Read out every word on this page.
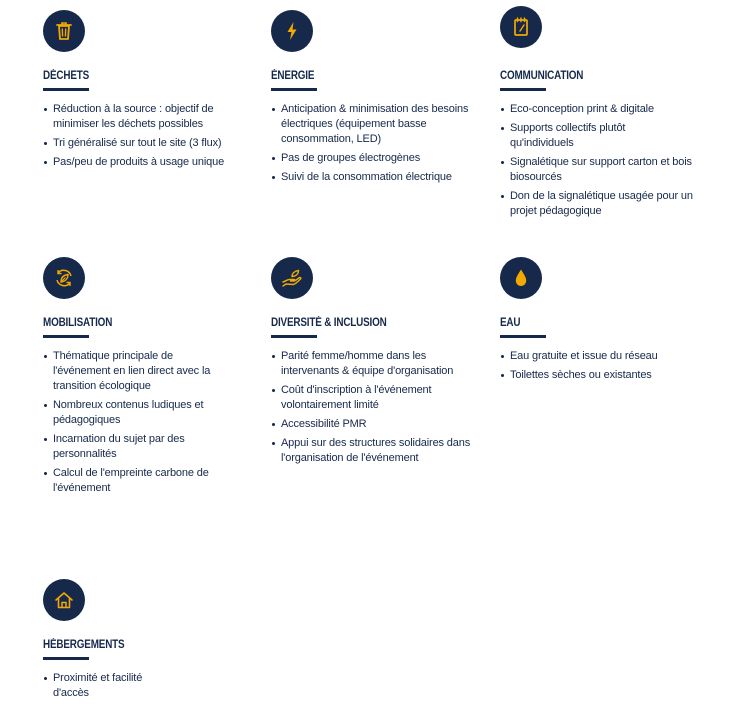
DÉCHETS
Réduction à la source : objectif de minimiser les déchets possibles
Tri généralisé sur tout le site (3 flux)
Pas/peu de produits à usage unique
ÉNERGIE
Anticipation & minimisation des besoins électriques (équipement basse consommation, LED)
Pas de groupes électrogènes
Suivi de la consommation électrique
COMMUNICATION
Eco-conception print & digitale
Supports collectifs plutôt qu'individuels
Signalétique sur support carton et bois biosourcés
Don de la signalétique usagée pour un projet pédagogique
MOBILISATION
Thématique principale de l'événement en lien direct avec la transition écologique
Nombreux contenus ludiques et pédagogiques
Incarnation du sujet par des personnalités
Calcul de l'empreinte carbone de l'événement
DIVERSITÉ & INCLUSION
Parité femme/homme dans les intervenants & équipe d'organisation
Coût d'inscription à l'événement volontairement limité
Accessibilité PMR
Appui sur des structures solidaires dans l'organisation de l'événement
EAU
Eau gratuite et issue du réseau
Toilettes sèches ou existantes
HÉBERGEMENTS
Proximité et facilité d'accès
